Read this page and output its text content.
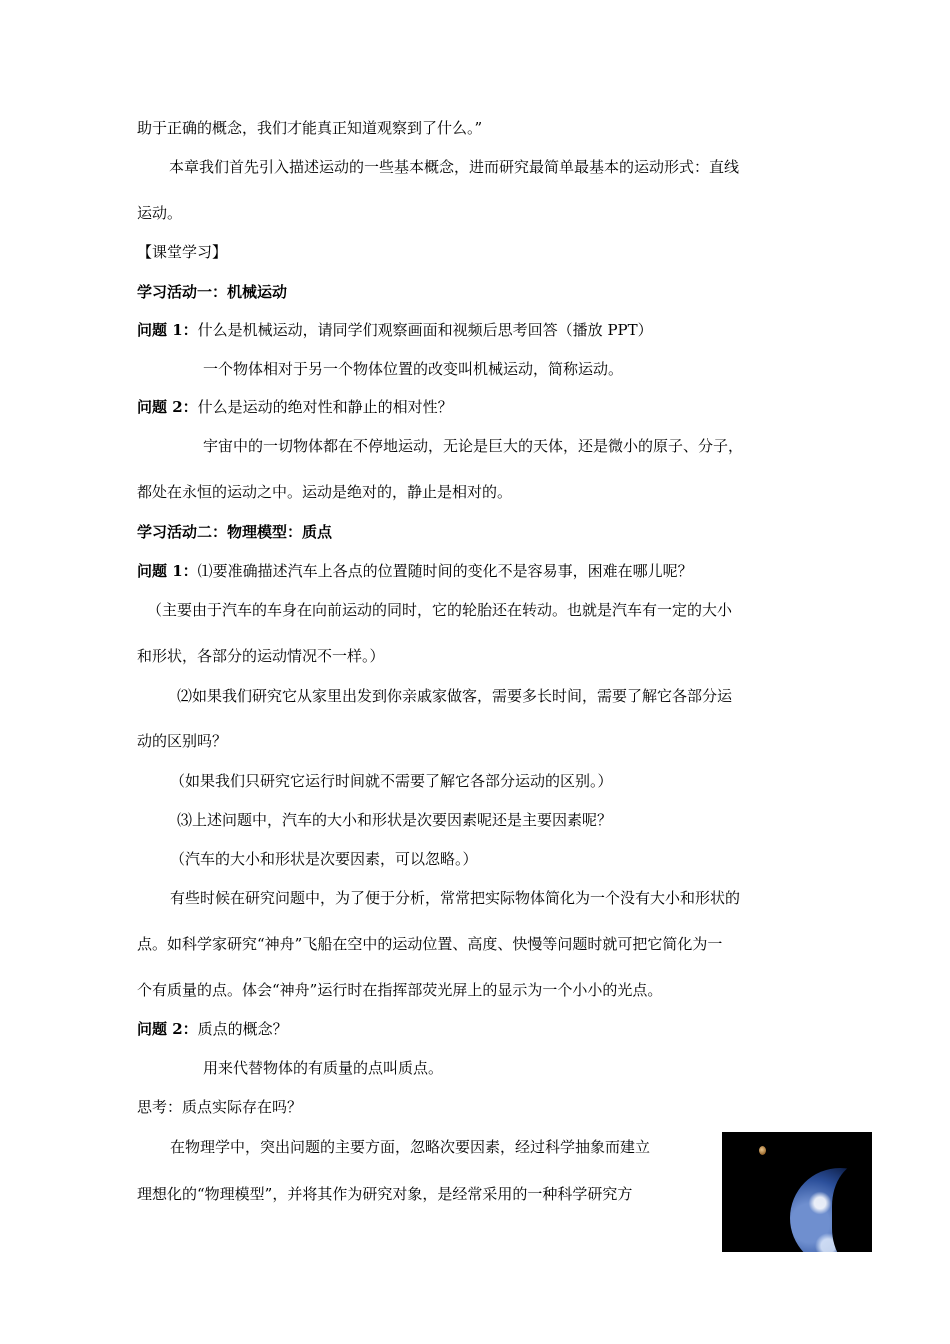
助于正确的概念，我们才能真正知道观察到了什么。”
本章我们首先引入描述运动的一些基本概念，进而研究最简单最基本的运动形式：直线
运动。
【课堂学习】
学习活动一：机械运动
问题 1：什么是机械运动，请同学们观察画面和视频后思考回答（播放 PPT）
一个物体相对于另一个物体位置的改变叫机械运动，简称运动。
问题 2：什么是运动的绝对性和静止的相对性？
宇宙中的一切物体都在不停地运动，无论是巨大的天体，还是微小的原子、分子，
都处在永恒的运动之中。运动是绝对的，静止是相对的。
学习活动二：物理模型：质点
问题 1：⑴要准确描述汽车上各点的位置随时间的变化不是容易事，困难在哪儿呢？
（主要由于汽车的车身在向前运动的同时，它的轮胎还在转动。也就是汽车有一定的大小
和形状，各部分的运动情况不一样。）
⑵如果我们研究它从家里出发到你亲戚家做客，需要多长时间，需要了解它各部分运
动的区别吗？
（如果我们只研究它运行时间就不需要了解它各部分运动的区别。）
⑶上述问题中，汽车的大小和形状是次要因素呢还是主要因素呢？
（汽车的大小和形状是次要因素，可以忽略。）
有些时候在研究问题中，为了便于分析，常常把实际物体简化为一个没有大小和形状的
点。如科学家研究“神舟”飞船在空中的运动位置、高度、快慢等问题时就可把它简化为一
个有质量的点。体会“神舟”运行时在指挥部荧光屏上的显示为一个小小的光点。
问题 2：质点的概念？
用来代替物体的有质量的点叫质点。
思考：质点实际存在吗？
在物理学中，突出问题的主要方面，忽略次要因素，经过科学抽象而建立
理想化的“物理模型”，并将其作为研究对象，是经常采用的一种科学研究方
